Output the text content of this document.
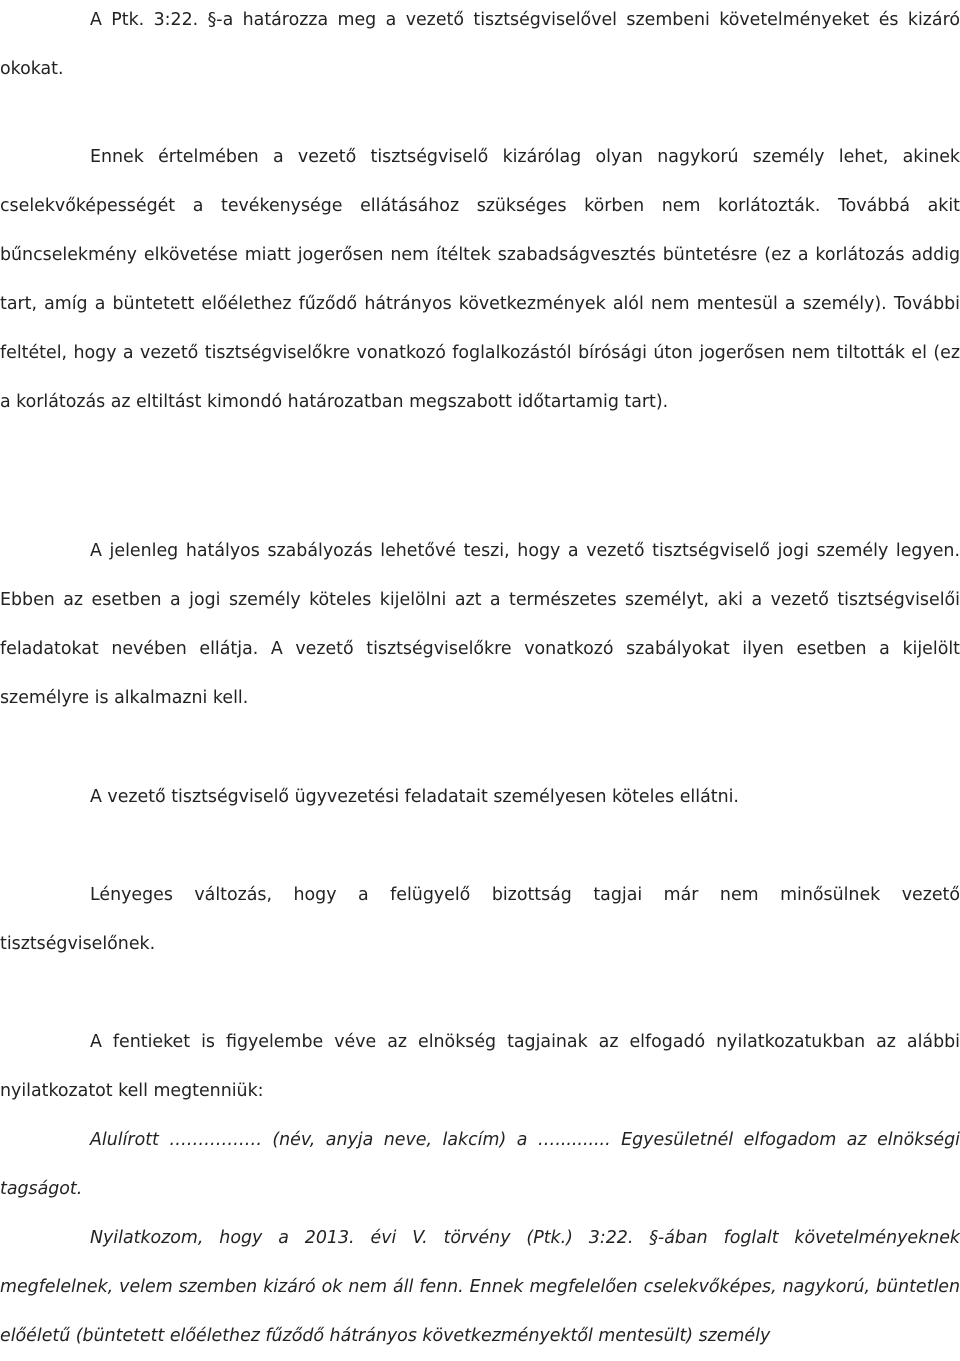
A Ptk. 3:22. §-a határozza meg a vezető tisztségviselővel szembeni követelményeket és kizáró okokat.

Ennek értelmében a vezető tisztségviselő kizárólag olyan nagykorú személy lehet, akinek cselekvőképességét a tevékenysége ellátásához szükséges körben nem korlátozták. Továbbá akit bűncselekmény elkövetése miatt jogerősen nem ítéltek szabadságvesztés büntetésre (ez a korlátozás addig tart, amíg a büntetett előélethez fűződő hátrányos következmények alól nem mentesül a személy). További feltétel, hogy a vezető tisztségviselőkre vonatkozó foglalkozástól bírósági úton jogerősen nem tiltották el (ez a korlátozás az eltiltást kimondó határozatban megszabott időtartamig tart).

A jelenleg hatályos szabályozás lehetővé teszi, hogy a vezető tisztségviselő jogi személy legyen. Ebben az esetben a jogi személy köteles kijelölni azt a természetes személyt, aki a vezető tisztségviselői feladatokat nevében ellátja. A vezető tisztségviselőkre vonatkozó szabályokat ilyen esetben a kijelölt személyre is alkalmazni kell.

A vezető tisztségviselő ügyvezetési feladatait személyesen köteles ellátni.

Lényeges változás, hogy a felügyelő bizottság tagjai már nem minősülnek vezető tisztségviselőnek.

A fentieket is figyelembe véve az elnökség tagjainak az elfogadó nyilatkozatukban az alábbi nyilatkozatot kell megtenniük:

Alulírott ……………. (név, anyja neve, lakcím) a ….......... Egyesületnél elfogadom az elnökségi tagságot.

Nyilatkozom, hogy a 2013. évi V. törvény (Ptk.) 3:22. §-ában foglalt követelményeknek megfelelnek, velem szemben kizáró ok nem áll fenn. Ennek megfelelően cselekvőképes, nagykorú, büntetlen előéletű (büntetett előélethez fűződő hátrányos következményektől mentesült) személy
